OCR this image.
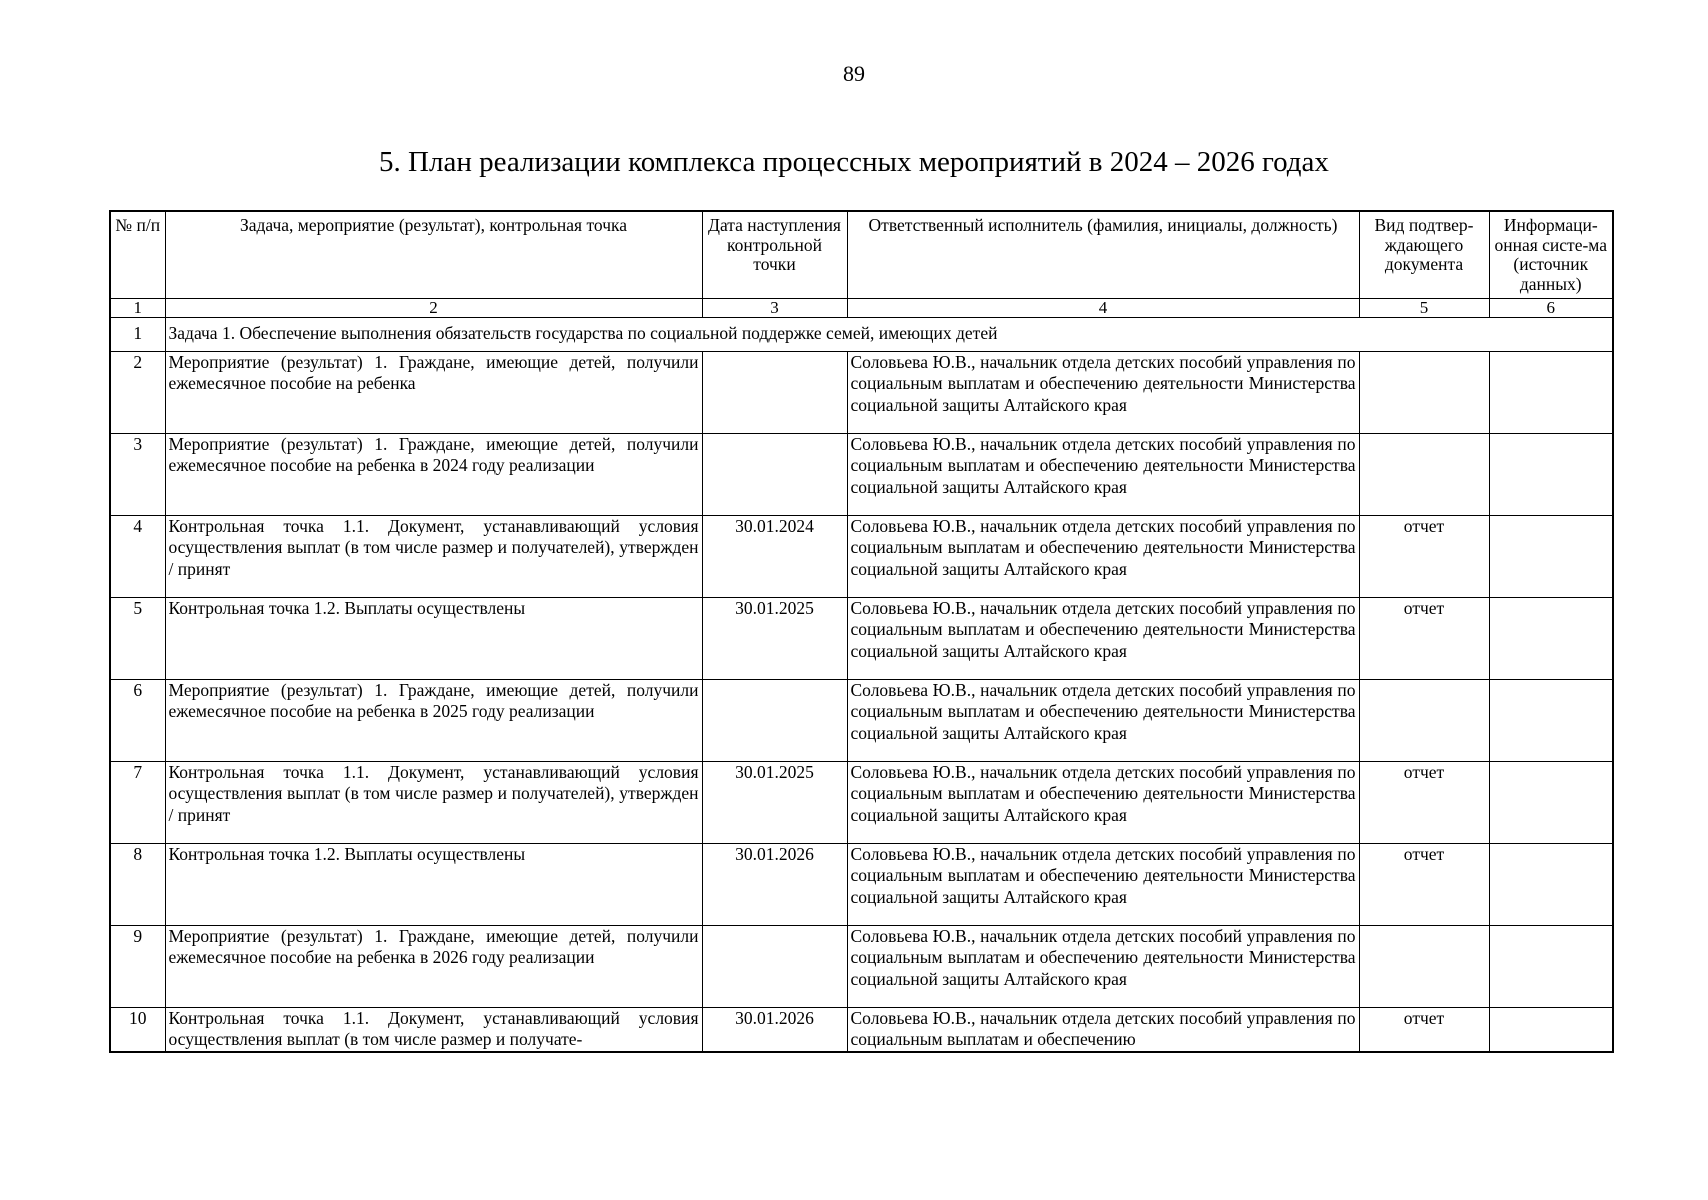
89
5. План реализации комплекса процессных мероприятий в 2024 – 2026 годах
№ п/п	Задача, мероприятие (результат), контрольная точка	Дата наступления контрольной точки	Ответственный исполнитель (фамилия, инициалы, должность)	Вид подтвер-ждающего документа	Информаци-онная систе-ма (источник данных)
1	2	3	4	5	6
1	Задача 1. Обеспечение выполнения обязательств государства по социальной поддержке семей, имеющих детей				
2	Мероприятие (результат) 1. Граждане, имеющие детей, получили ежемесячное пособие на ребенка		Соловьева Ю.В., начальник отдела детских пособий управления по социальным выплатам и обеспечению деятельности Министерства социальной защиты Алтайского края		
3	Мероприятие (результат) 1. Граждане, имеющие детей, получили ежемесячное пособие на ребенка в 2024 году реализации		Соловьева Ю.В., начальник отдела детских пособий управления по социальным выплатам и обеспечению деятельности Министерства социальной защиты Алтайского края		
4	Контрольная точка 1.1. Документ, устанавливающий условия осуществления выплат (в том числе размер и получателей), утвержден / принят	30.01.2024	Соловьева Ю.В., начальник отдела детских пособий управления по социальным выплатам и обеспечению деятельности Министерства социальной защиты Алтайского края	отчет	
5	Контрольная точка 1.2. Выплаты осуществлены	30.01.2025	Соловьева Ю.В., начальник отдела детских пособий управления по социальным выплатам и обеспечению деятельности Министерства социальной защиты Алтайского края	отчет	
6	Мероприятие (результат) 1. Граждане, имеющие детей, получили ежемесячное пособие на ребенка в 2025 году реализации		Соловьева Ю.В., начальник отдела детских пособий управления по социальным выплатам и обеспечению деятельности Министерства социальной защиты Алтайского края		
7	Контрольная точка 1.1. Документ, устанавливающий условия осуществления выплат (в том числе размер и получателей), утвержден / принят	30.01.2025	Соловьева Ю.В., начальник отдела детских пособий управления по социальным выплатам и обеспечению деятельности Министерства социальной защиты Алтайского края	отчет	
8	Контрольная точка 1.2. Выплаты осуществлены	30.01.2026	Соловьева Ю.В., начальник отдела детских пособий управления по социальным выплатам и обеспечению деятельности Министерства социальной защиты Алтайского края	отчет	
9	Мероприятие (результат) 1. Граждане, имеющие детей, получили ежемесячное пособие на ребенка в 2026 году реализации		Соловьева Ю.В., начальник отдела детских пособий управления по социальным выплатам и обеспечению деятельности Министерства социальной защиты Алтайского края		
10	Контрольная точка 1.1. Документ, устанавливающий условия осуществления выплат (в том числе размер и получате-	30.01.2026	Соловьева Ю.В., начальник отдела детских пособий управления по социальным выплатам и обеспечению	отчет	
